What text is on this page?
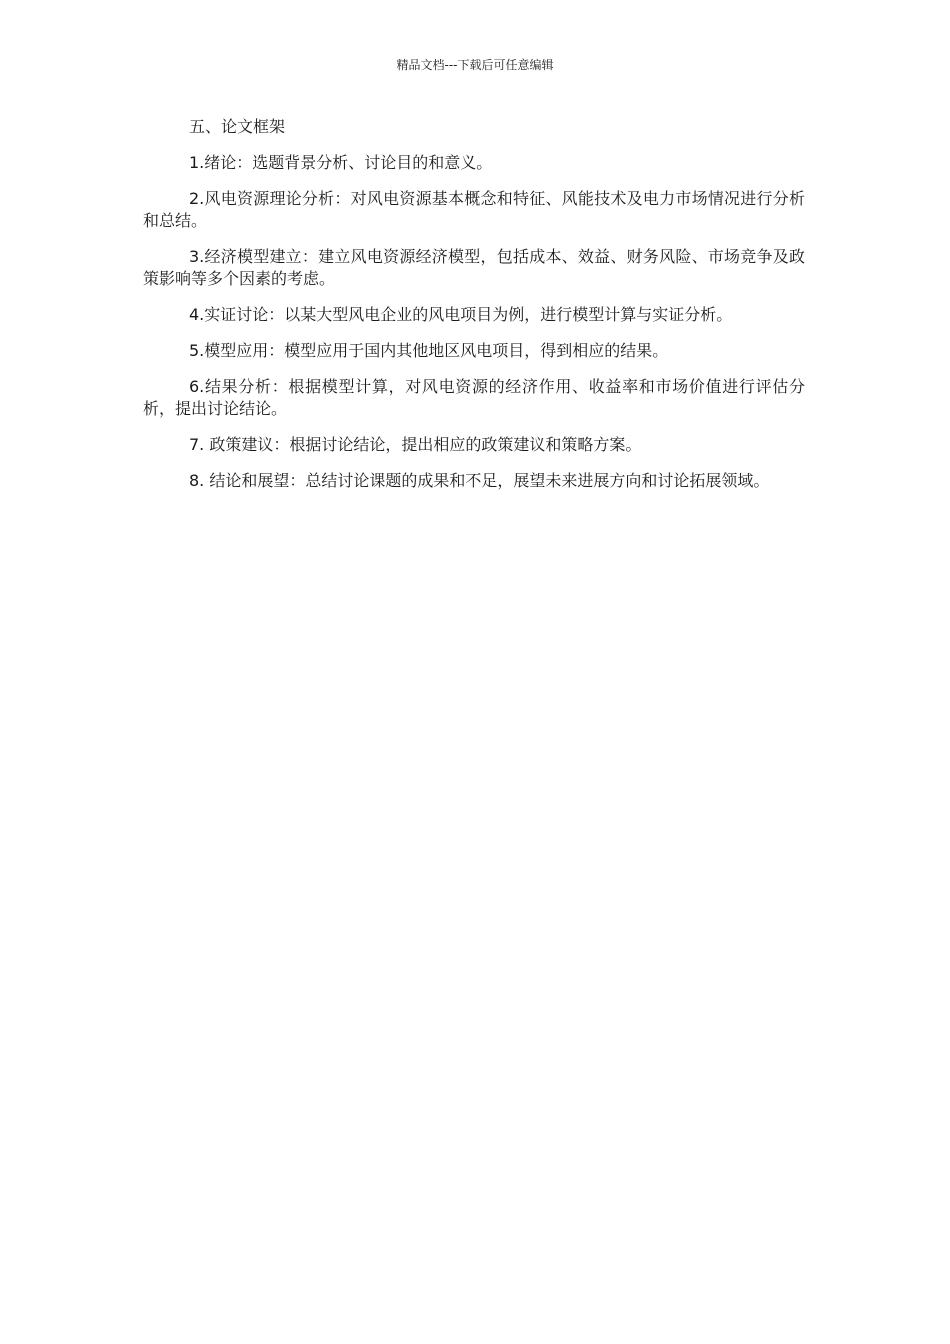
精品文档---下载后可任意编辑

五、论文框架

1.绪论：选题背景分析、讨论目的和意义。

2.风电资源理论分析：对风电资源基本概念和特征、风能技术及电力市场情况进行分析和总结。

3.经济模型建立：建立风电资源经济模型，包括成本、效益、财务风险、市场竞争及政策影响等多个因素的考虑。

4.实证讨论：以某大型风电企业的风电项目为例，进行模型计算与实证分析。

5.模型应用：模型应用于国内其他地区风电项目，得到相应的结果。

6.结果分析：根据模型计算，对风电资源的经济作用、收益率和市场价值进行评估分析，提出讨论结论。

7. 政策建议：根据讨论结论，提出相应的政策建议和策略方案。

8. 结论和展望：总结讨论课题的成果和不足，展望未来进展方向和讨论拓展领域。
